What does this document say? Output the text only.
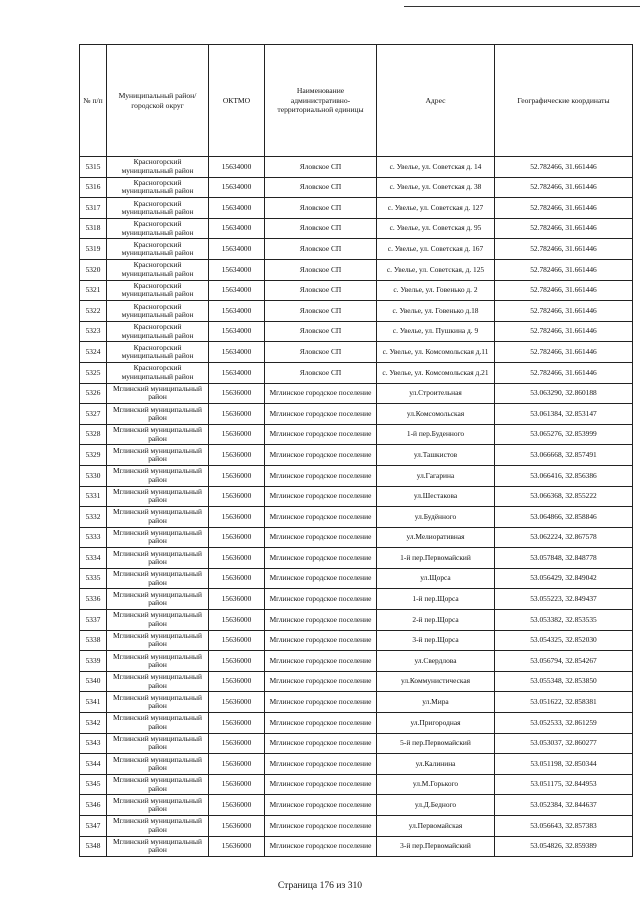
№ п/п	Муниципальный район/городской округ	ОКТМО	Наименование административно-территориальной единицы	Адрес	Географические координаты
5315	Красногорский муниципальный район	15634000	Яловское СП	с. Увелье, ул. Советская д. 14	52.782466, 31.661446
5316	Красногорский муниципальный район	15634000	Яловское СП	с. Увелье, ул. Советская д. 38	52.782466, 31.661446
5317	Красногорский муниципальный район	15634000	Яловское СП	с. Увелье, ул. Советская д. 127	52.782466, 31.661446
5318	Красногорский муниципальный район	15634000	Яловское СП	с. Увелье, ул. Советская д. 95	52.782466, 31.661446
5319	Красногорский муниципальный район	15634000	Яловское СП	с. Увелье, ул. Советская д. 167	52.782466, 31.661446
5320	Красногорский муниципальный район	15634000	Яловское СП	с. Увелье, ул. Советская, д. 125	52.782466, 31.661446
5321	Красногорский муниципальный район	15634000	Яловское СП	с. Увелье, ул. Говенько д. 2	52.782466, 31.661446
5322	Красногорский муниципальный район	15634000	Яловское СП	с. Увелье, ул. Говенько д.18	52.782466, 31.661446
5323	Красногорский муниципальный район	15634000	Яловское СП	с. Увелье, ул. Пушкина д. 9	52.782466, 31.661446
5324	Красногорский муниципальный район	15634000	Яловское СП	с. Увелье, ул. Комсомольская д.11	52.782466, 31.661446
5325	Красногорский муниципальный район	15634000	Яловское СП	с. Увелье, ул. Комсомольская д.21	52.782466, 31.661446
5326	Мглинский муниципальный район	15636000	Мглинское городское поселение	ул.Строительная	53.063290, 32.860188
5327	Мглинский муниципальный район	15636000	Мглинское городское поселение	ул.Комсомольская	53.061384, 32.853147
5328	Мглинский муниципальный район	15636000	Мглинское городское поселение	1-й пер.Буденного	53.065276, 32.853999
5329	Мглинский муниципальный район	15636000	Мглинское городское поселение	ул.Ташкистов	53.066668, 32.857491
5330	Мглинский муниципальный район	15636000	Мглинское городское поселение	ул.Гагарина	53.066416, 32.856386
5331	Мглинский муниципальный район	15636000	Мглинское городское поселение	ул.Шестакова	53.066368, 32.855222
5332	Мглинский муниципальный район	15636000	Мглинское городское поселение	ул.Будённого	53.064866, 32.858846
5333	Мглинский муниципальный район	15636000	Мглинское городское поселение	ул.Мелиоративная	53.062224, 32.867578
5334	Мглинский муниципальный район	15636000	Мглинское городское поселение	1-й пер.Первомайский	53.057848, 32.848778
5335	Мглинский муниципальный район	15636000	Мглинское городское поселение	ул.Щорса	53.056429, 32.849042
5336	Мглинский муниципальный район	15636000	Мглинское городское поселение	1-й пер.Щорса	53.055223, 32.849437
5337	Мглинский муниципальный район	15636000	Мглинское городское поселение	2-й пер.Щорса	53.053382, 32.853535
5338	Мглинский муниципальный район	15636000	Мглинское городское поселение	3-й пер.Щорса	53.054325, 32.852030
5339	Мглинский муниципальный район	15636000	Мглинское городское поселение	ул.Свердлова	53.056794, 32.854267
5340	Мглинский муниципальный район	15636000	Мглинское городское поселение	ул.Коммунистическая	53.055348, 32.853850
5341	Мглинский муниципальный район	15636000	Мглинское городское поселение	ул.Мира	53.051622, 32.858381
5342	Мглинский муниципальный район	15636000	Мглинское городское поселение	ул.Пригородная	53.052533, 32.861259
5343	Мглинский муниципальный район	15636000	Мглинское городское поселение	5-й пер.Первомайский	53.053037, 32.860277
5344	Мглинский муниципальный район	15636000	Мглинское городское поселение	ул.Калинина	53.051198, 32.850344
5345	Мглинский муниципальный район	15636000	Мглинское городское поселение	ул.М.Горького	53.051175, 32.844953
5346	Мглинский муниципальный район	15636000	Мглинское городское поселение	ул.Д.Бедного	53.052384, 32.844637
5347	Мглинский муниципальный район	15636000	Мглинское городское поселение	ул.Первомайская	53.056643, 32.857383
5348	Мглинский муниципальный район	15636000	Мглинское городское поселение	3-й пер.Первомайский	53.054826, 32.859389
Страница 176 из 310
